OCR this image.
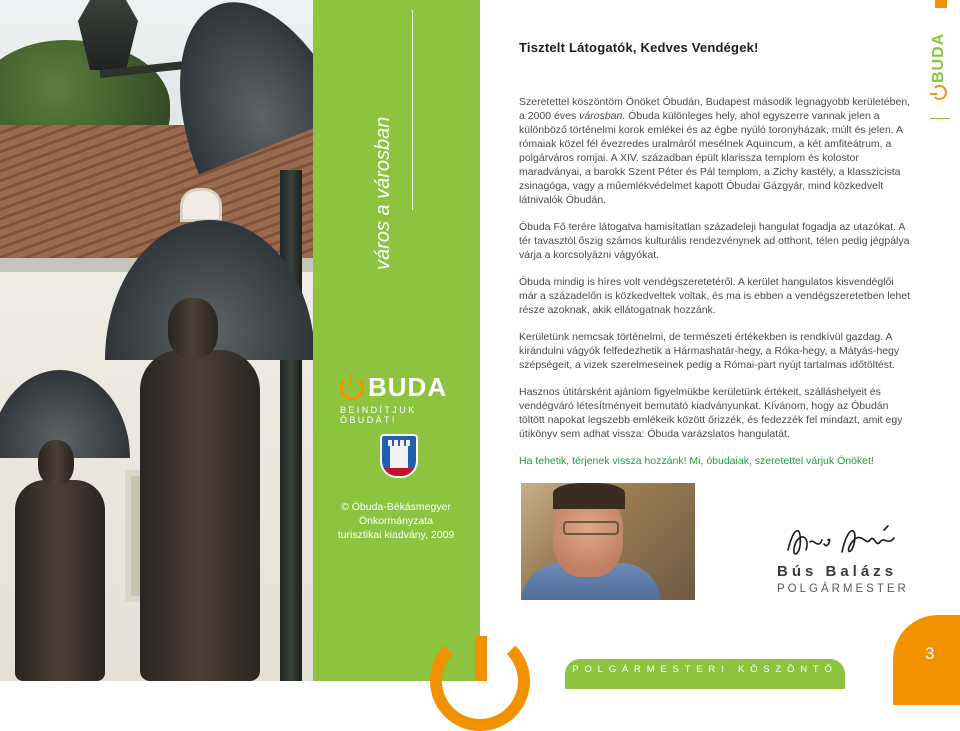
város a városban
BUDA
BEINDÍTJUK ÓBUDÁT!
© Óbuda-Békásmegyer
Önkormányzata
turisztikai kiadvány, 2009
Tisztelt Látogatók, Kedves Vendégek!

Szeretettel köszöntöm Önöket Óbudán, Budapest második legnagyobb kerületében, a 2000 éves városban. Óbuda különleges hely, ahol egyszerre vannak jelen a különböző történelmi korok emlékei és az égbe nyúló toronyházak, múlt és jelen. A rómaiak közel fél évezredes uralmáról mesélnek Aquincum, a két amfiteátrum, a polgárváros romjai. A XIV. században épült klarissza templom és kolostor maradványai, a barokk Szent Péter és Pál templom, a Zichy kastély, a klasszicista zsinagóga, vagy a műemlékvédelmet kapott Óbudai Gázgyár, mind közkedvelt látnivalók Óbudán.

Óbuda Fő terére látogatva hamisítatlan századeleji hangulat fogadja az utazókat. A tér tavasztól őszig számos kulturális rendezvénynek ad otthont, télen pedig jégpálya várja a korcsolyázni vágyókat.

Óbuda mindig is híres volt vendégszeretetéről. A kerület hangulatos kisvendéglői már a századelőn is közkedveltek voltak, és ma is ebben a vendégszeretetben lehet része azoknak, akik ellátogatnak hozzánk.

Kerületünk nemcsak történelmi, de természeti értékekben is rendkívül gazdag. A kirándulni vágyók felfedezhetik a Hármashatár-hegy, a Róka-hegy, a Mátyás-hegy szépségeit, a vizek szerelmeseinek pedig a Római-part nyújt tartalmas időtöltést.

Hasznos útitársként ajánlom figyelmükbe kerületünk értékeit, szálláshelyeit és vendégváró létesítményeit bemutató kiadványunkat. Kívánom, hogy az Óbudán töltött napokat legszebb emlékeik között őrizzék, és fedezzék fel mindazt, amit egy útikönyv sem adhat vissza: Óbuda varázslatos hangulatát.

Ha tehetik, térjenek vissza hozzánk! Mi, óbudaiak, szeretettel várjuk Önöket!

Bús Balázs
POLGÁRMESTER
BUDA
POLGÁRMESTERI KÖSZÖNTŐ
3
